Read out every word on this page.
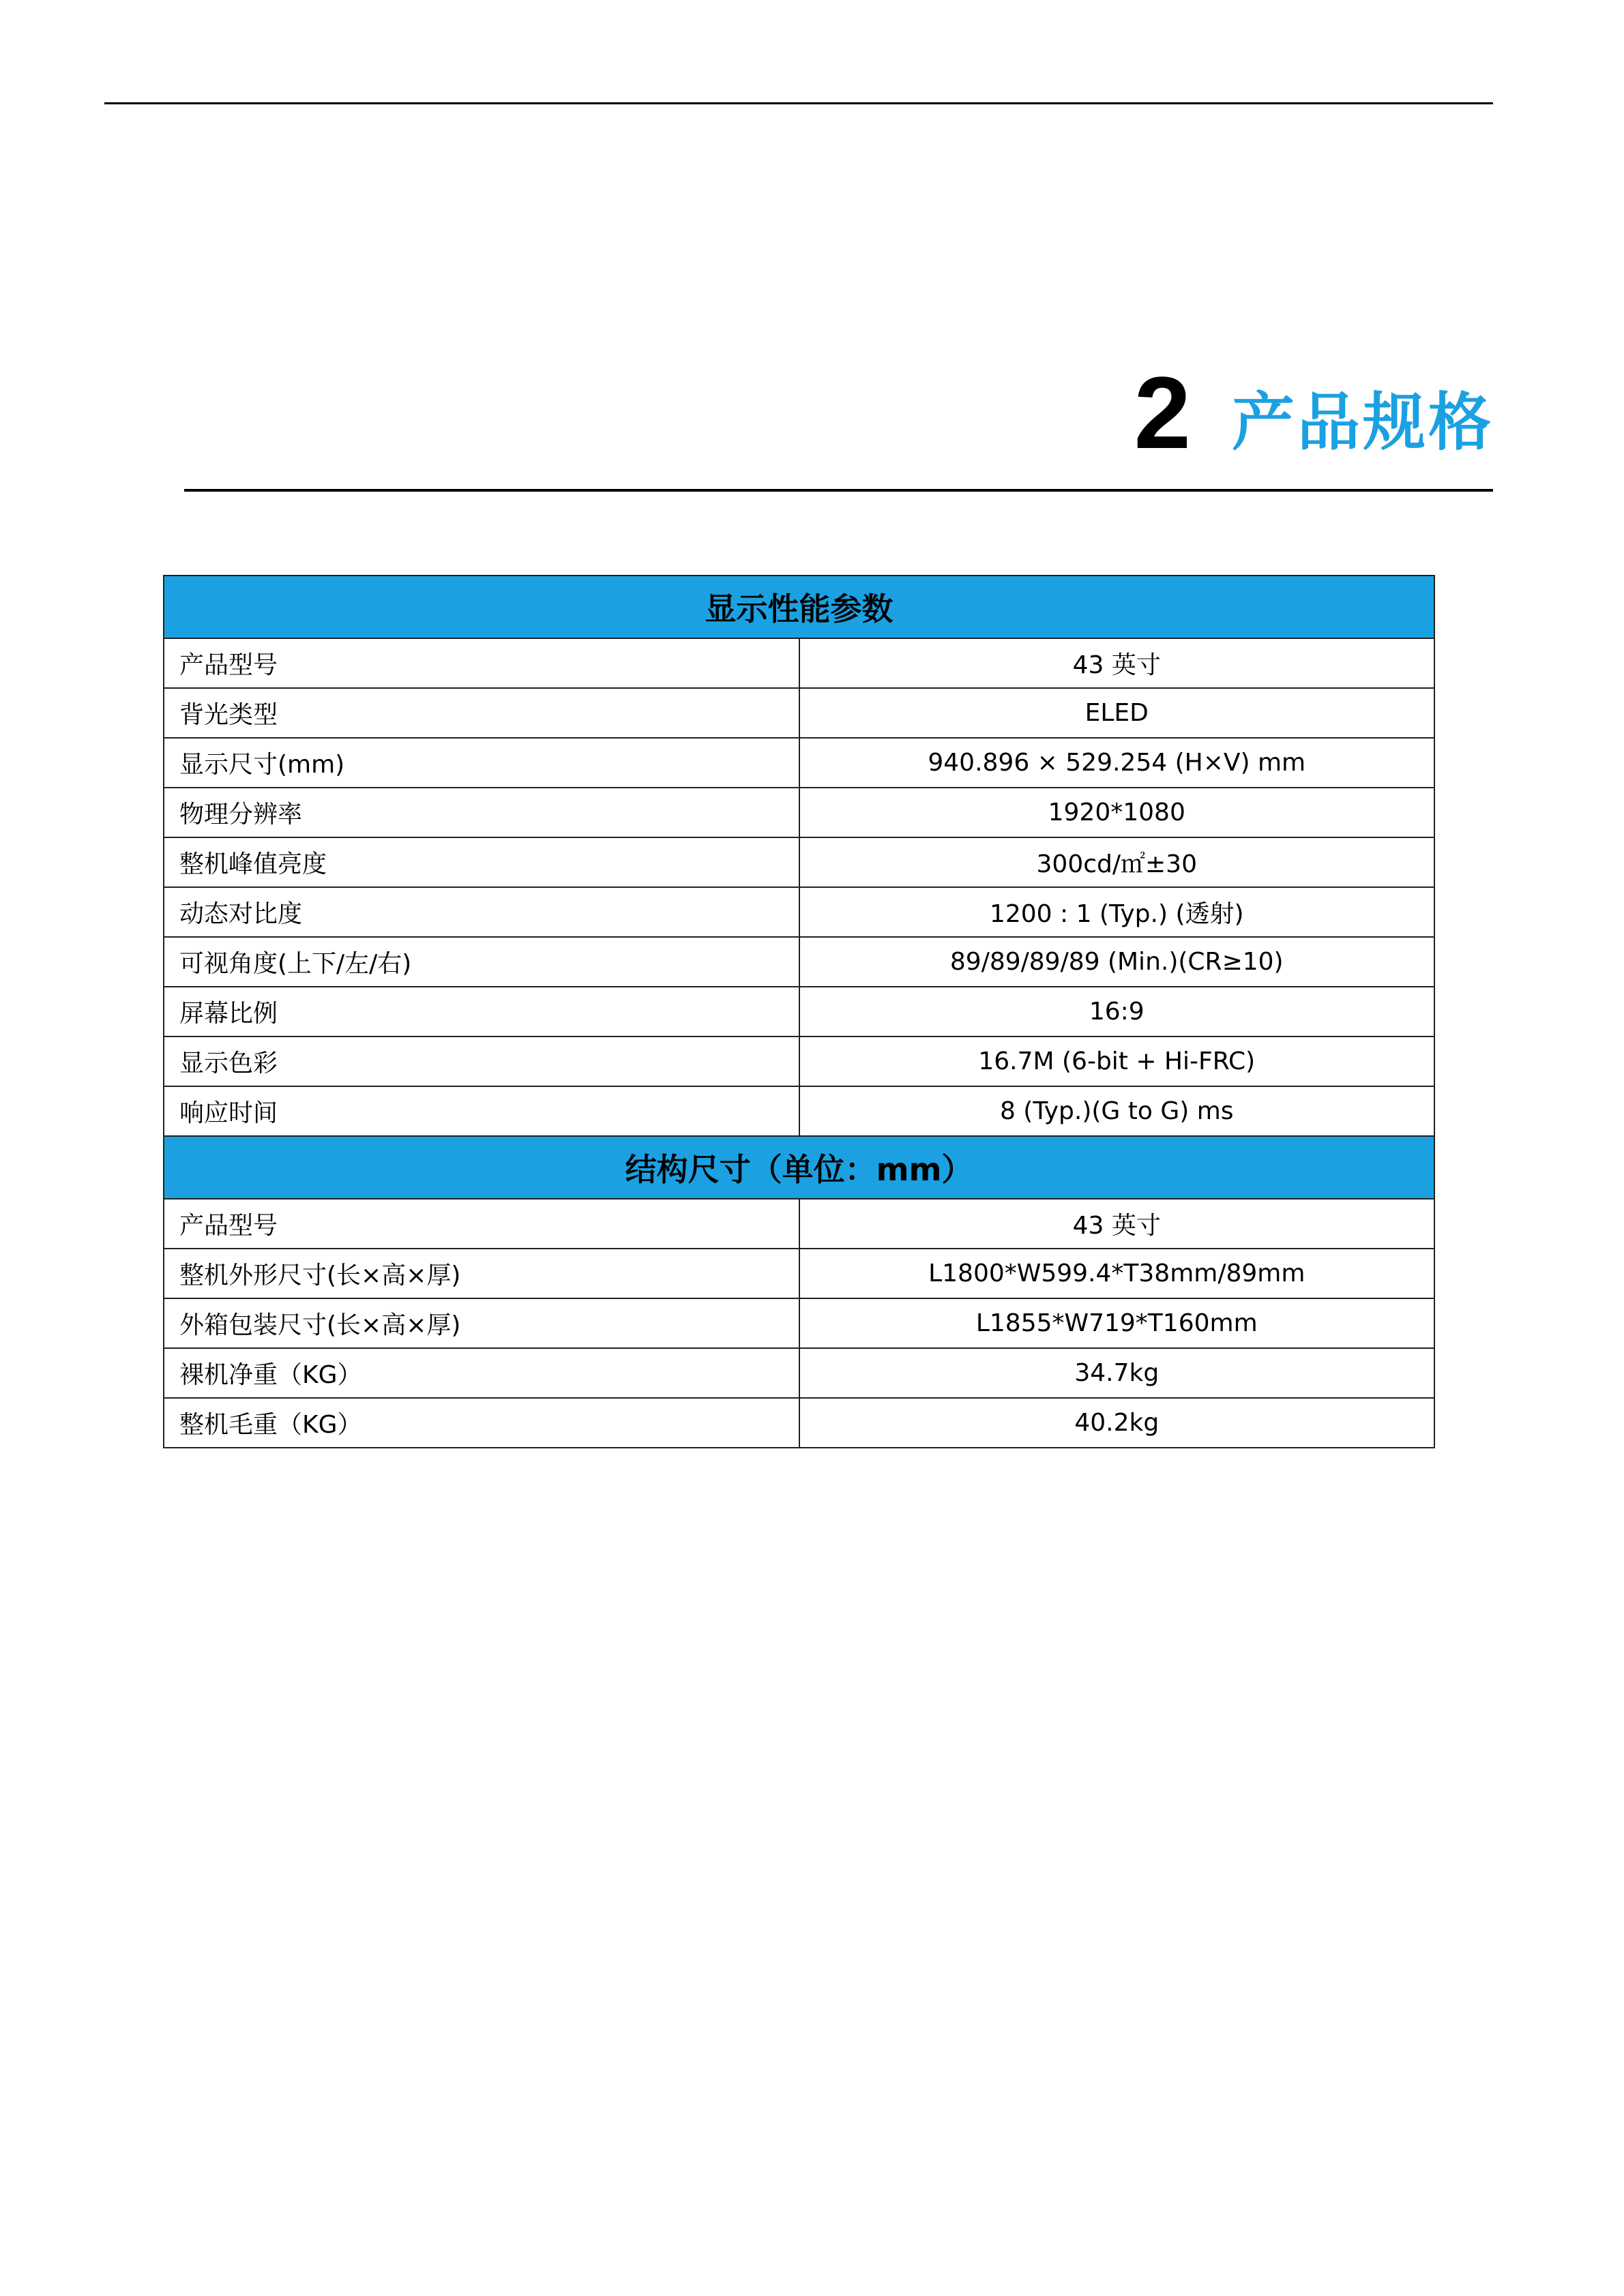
2 产品规格
显示性能参数	
产品型号	43 英寸
背光类型	ELED
显示尺寸(mm)	940.896 × 529.254 (H×V) mm
物理分辨率	1920*1080
整机峰值亮度	300cd/㎡±30
动态对比度	1200 : 1 (Typ.) (透射)
可视角度(上下/左/右)	89/89/89/89 (Min.)(CR≥10)
屏幕比例	16:9
显示色彩	16.7M (6-bit + Hi-FRC)
响应时间	8 (Typ.)(G to G) ms
结构尺寸（单位：mm）	
产品型号	43 英寸
整机外形尺寸(长×高×厚)	L1800*W599.4*T38mm/89mm
外箱包装尺寸(长×高×厚)	L1855*W719*T160mm
裸机净重（KG）	34.7kg
整机毛重（KG）	40.2kg
